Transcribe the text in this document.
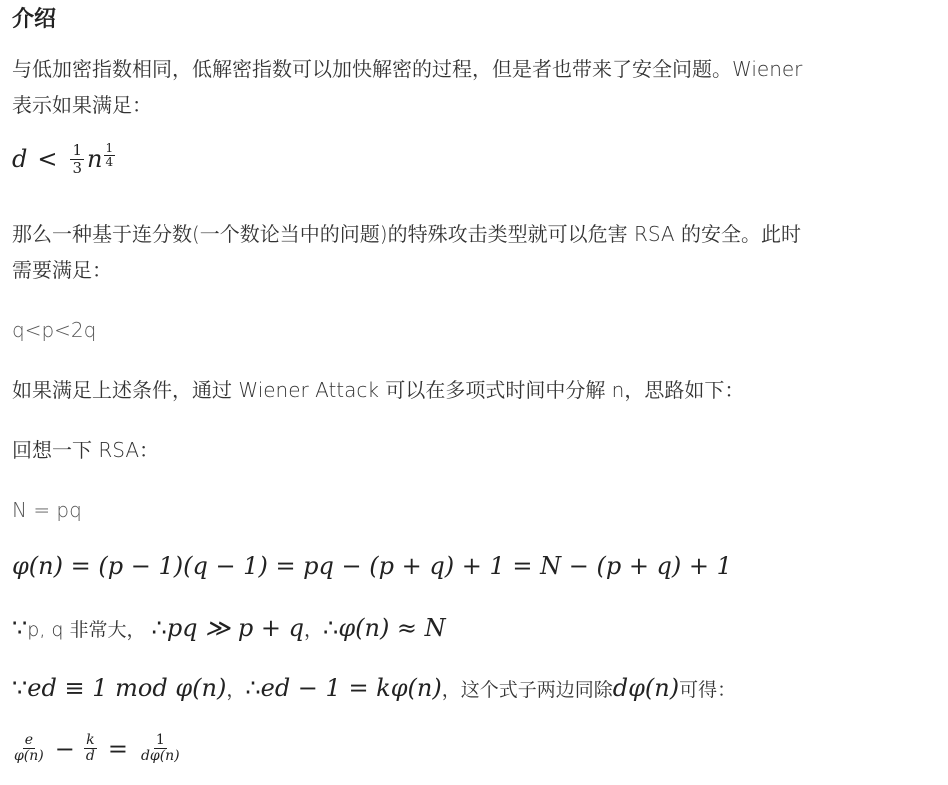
介绍
与低加密指数相同，低解密指数可以加快解密的过程，但是者也带来了安全问题。Wiener
表示如果满足：
$d < \frac{1}{3}$ n $\frac{1}{4}$
那么一种基于连分数(一个数论当中的问题)的特殊攻击类型就可以危害 RSA 的安全。此时
需要满足：
q<p<2q
如果满足上述条件，通过 Wiener Attack 可以在多项式时间中分解 n，思路如下：
回想一下 RSA：
N = pq
φ(n) = (p − 1)(q − 1) = pq − (p + q) + 1 = N − (p + q) + 1
∵ p, q 非常大， ∴ pq ≫ p + q ， ∴ φ(n) ≈ N
∵ ed ≡ 1 mod φ(n) ， ∴ ed − 1 = kφ(n) ，这个式子两边同除 dφ(n) 可得：
$\frac{e}{\varphi(n)} - \frac{k}{d} = \frac{1}{d\varphi(n)}$
